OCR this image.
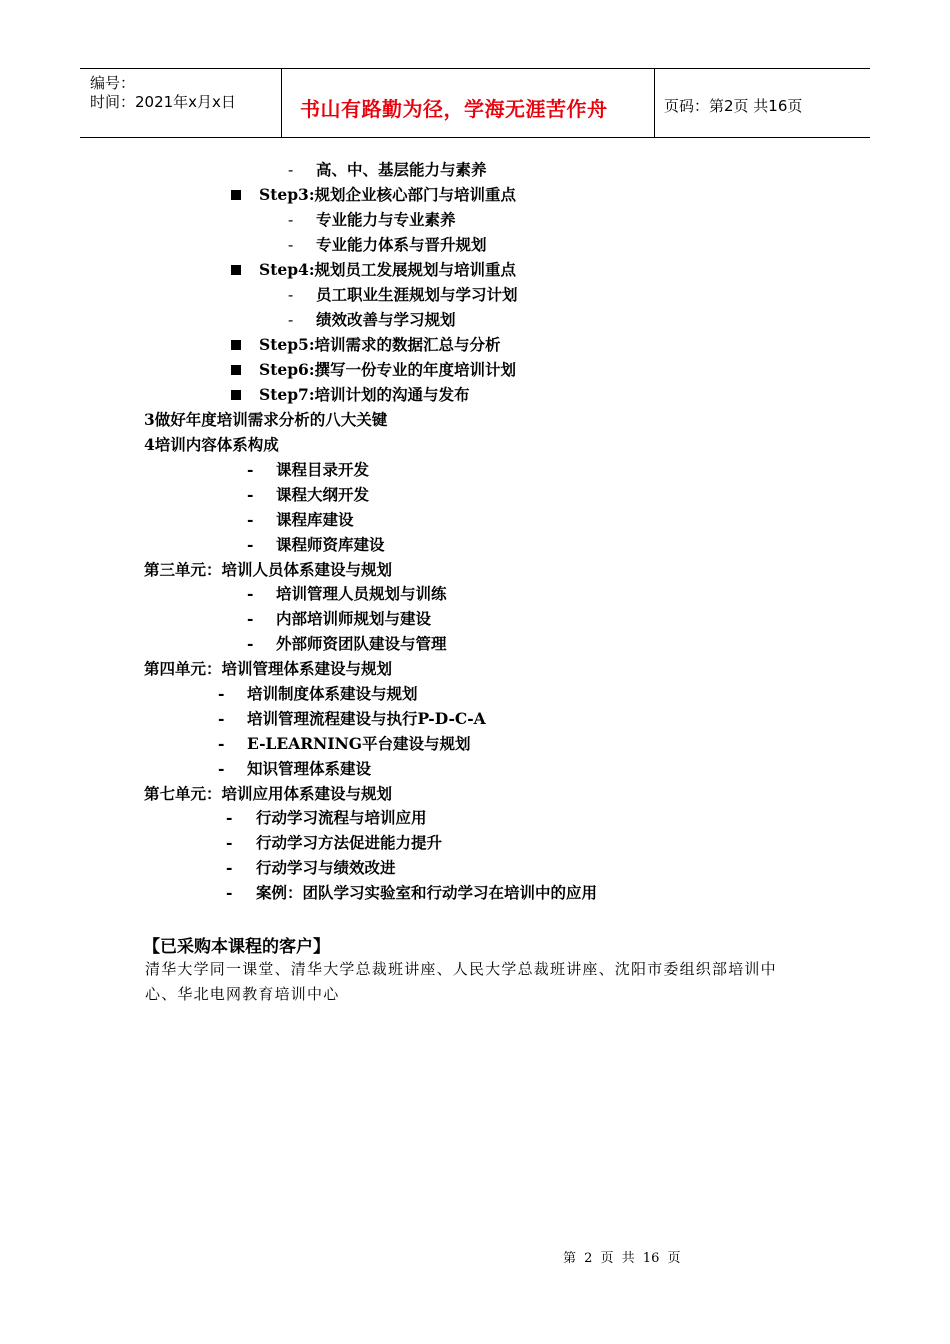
编号：
时间：2021年x月x日	书山有路勤为径，学海无涯苦作舟	页码：第2页 共16页
- 高、中、基层能力与素养
Step3:规划企业核心部门与培训重点
- 专业能力与专业素养
- 专业能力体系与晋升规划
Step4:规划员工发展规划与培训重点
- 员工职业生涯规划与学习计划
- 绩效改善与学习规划
Step5:培训需求的数据汇总与分析
Step6:撰写一份专业的年度培训计划
Step7:培训计划的沟通与发布
3做好年度培训需求分析的八大关键
4培训内容体系构成
- 课程目录开发
- 课程大纲开发
- 课程库建设
- 课程师资库建设
第三单元：培训人员体系建设与规划
- 培训管理人员规划与训练
- 内部培训师规划与建设
- 外部师资团队建设与管理
第四单元：培训管理体系建设与规划
- 培训制度体系建设与规划
- 培训管理流程建设与执行P-D-C-A
- E-LEARNING平台建设与规划
- 知识管理体系建设
第七单元：培训应用体系建设与规划
- 行动学习流程与培训应用
- 行动学习方法促进能力提升
- 行动学习与绩效改进
- 案例：团队学习实验室和行动学习在培训中的应用
【已采购本课程的客户】
清华大学同一课堂、清华大学总裁班讲座、人民大学总裁班讲座、沈阳市委组织部培训中心、华北电网教育培训中心
第 2 页 共 16 页
